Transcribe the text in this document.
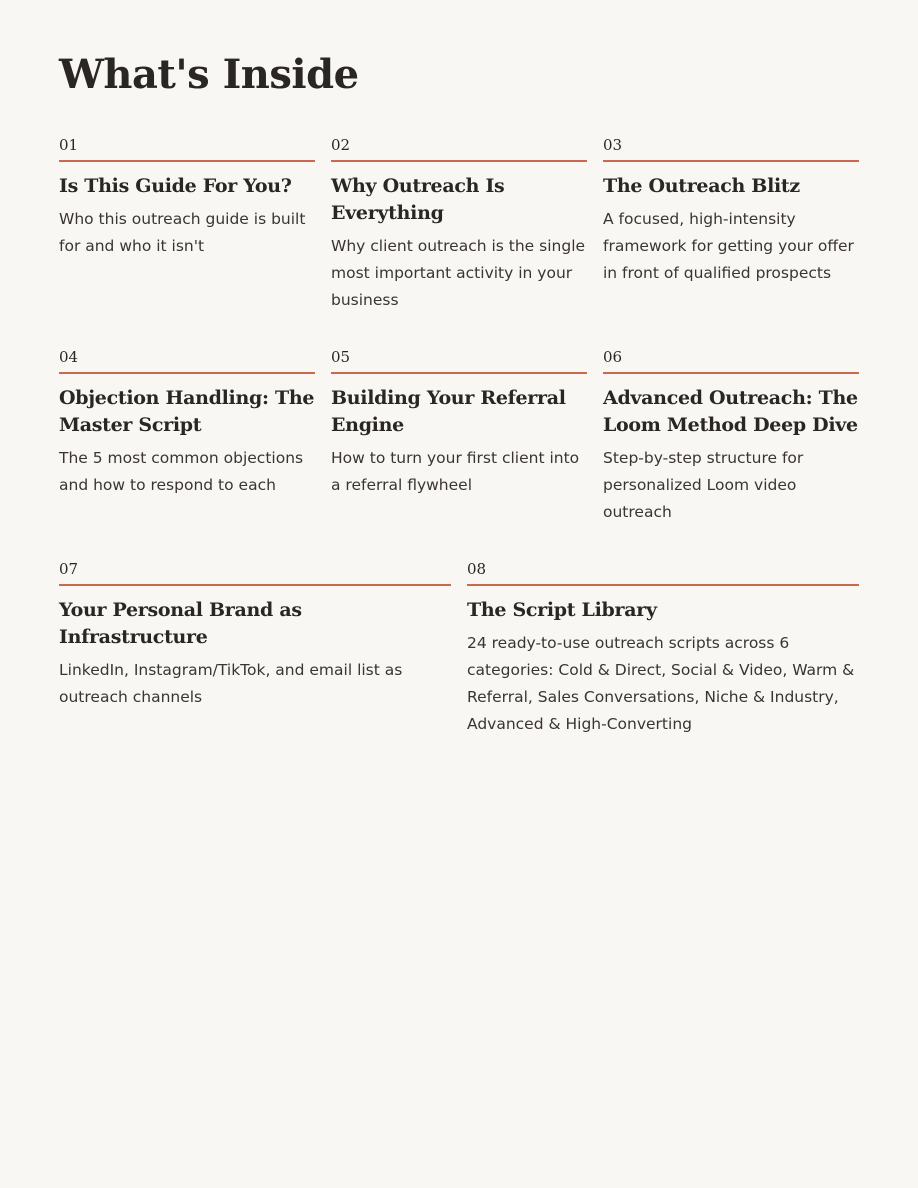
What's Inside
01
Is This Guide For You?
Who this outreach guide is built for and who it isn't
02
Why Outreach Is Everything
Why client outreach is the single most important activity in your business
03
The Outreach Blitz
A focused, high-intensity framework for getting your offer in front of qualified prospects
04
Objection Handling: The Master Script
The 5 most common objections and how to respond to each
05
Building Your Referral Engine
How to turn your first client into a referral flywheel
06
Advanced Outreach: The Loom Method Deep Dive
Step-by-step structure for personalized Loom video outreach
07
Your Personal Brand as Infrastructure
LinkedIn, Instagram/TikTok, and email list as outreach channels
08
The Script Library
24 ready-to-use outreach scripts across 6 categories: Cold & Direct, Social & Video, Warm & Referral, Sales Conversations, Niche & Industry, Advanced & High-Converting
